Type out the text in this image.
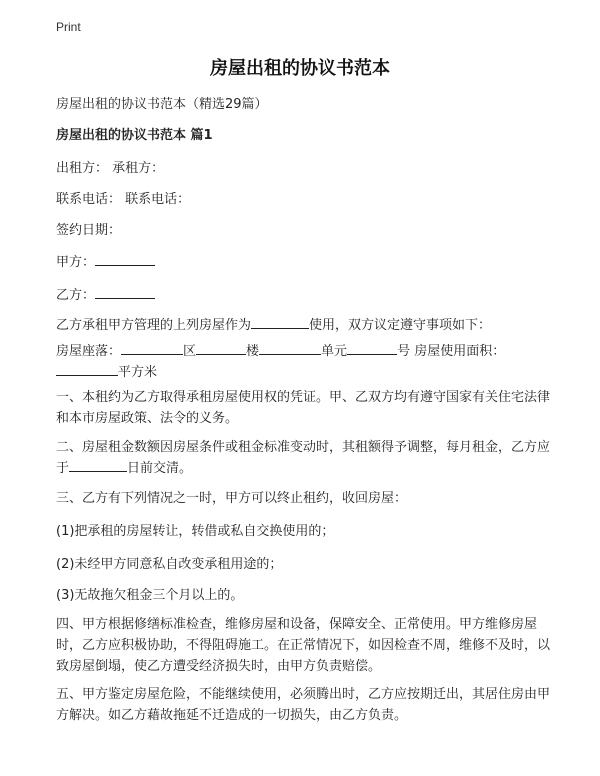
Print
房屋出租的协议书范本

房屋出租的协议书范本（精选29篇）

房屋出租的协议书范本 篇1

出租方： 承租方：

联系电话： 联系电话：

签约日期：

甲方：

乙方：

乙方承租甲方管理的上列房屋作为	使用，双方议定遵守事项如下：

房屋座落：	区	楼	单元	号 房屋使用面积：
平方米

一、本租约为乙方取得承租房屋使用权的凭证。甲、乙双方均有遵守国家有关住宅法律和本市房屋政策、法令的义务。

二、房屋租金数额因房屋条件或租金标准变动时，其租额得予调整，每月租金，乙方应于	日前交清。

三、乙方有下列情况之一时，甲方可以终止租约，收回房屋：

(1)把承租的房屋转让，转借或私自交换使用的；

(2)未经甲方同意私自改变承租用途的；

(3)无故拖欠租金三个月以上的。

四、甲方根据修缮标准检查，维修房屋和设备，保障安全、正常使用。甲方维修房屋时，乙方应积极协助，不得阻碍施工。在正常情况下，如因检查不周，维修不及时，以致房屋倒塌，使乙方遭受经济损失时，由甲方负责赔偿。

五、甲方鉴定房屋危险，不能继续使用，必须腾出时，乙方应按期迁出，其居住房由甲方解决。如乙方藉故拖延不迁造成的一切损失，由乙方负责。
